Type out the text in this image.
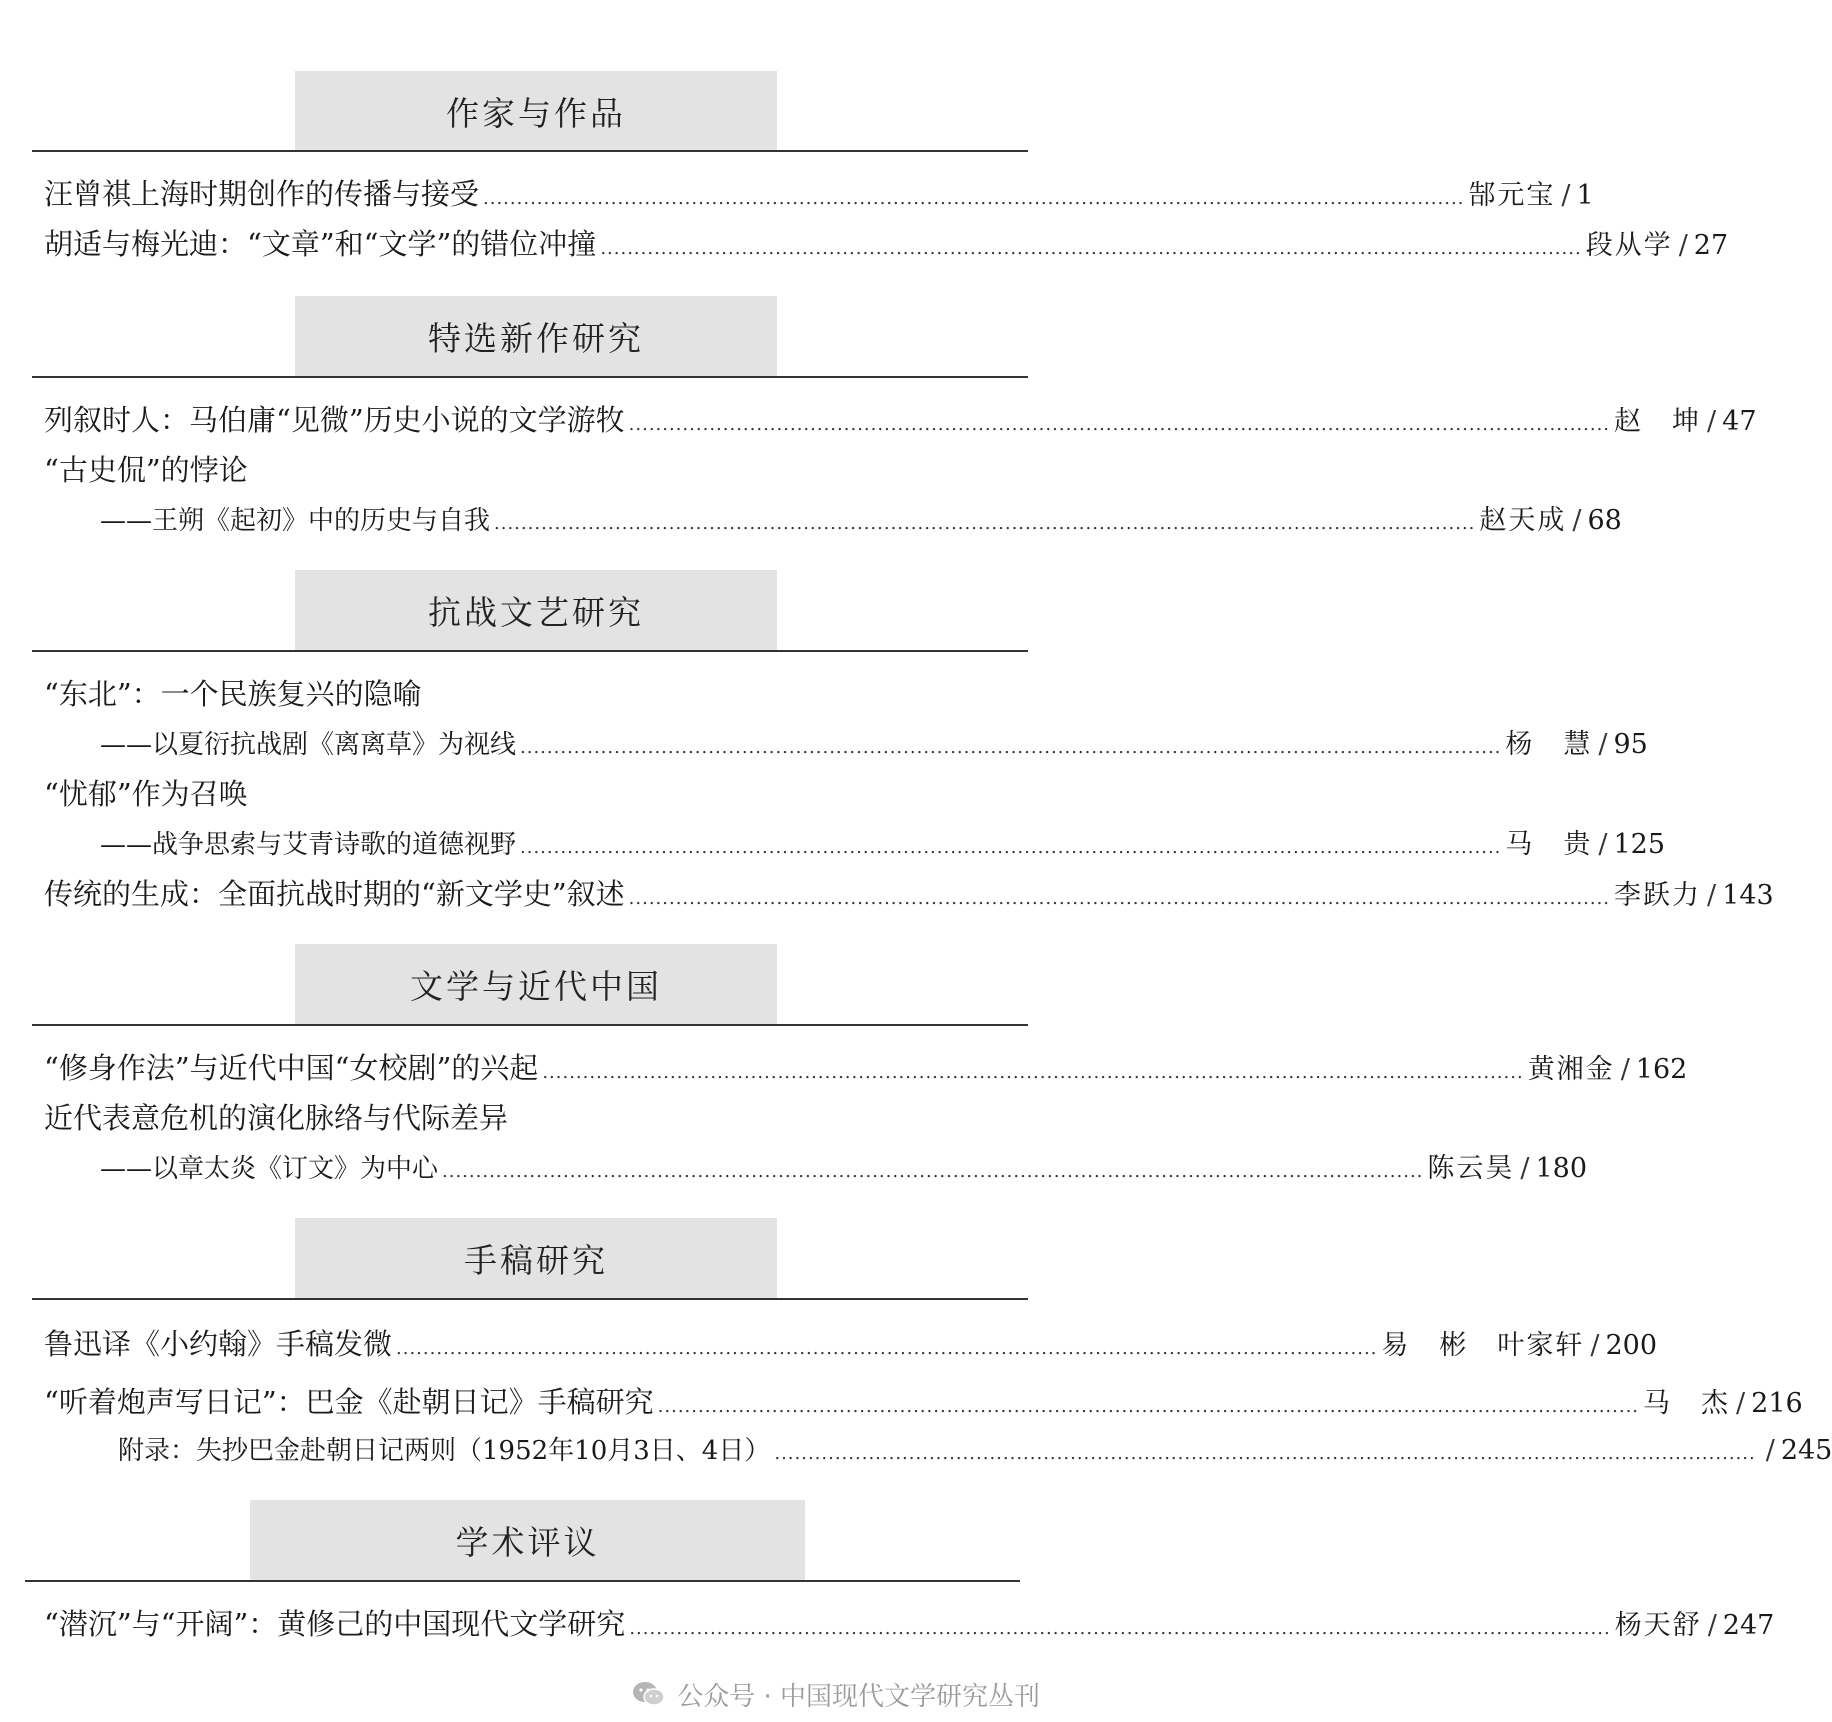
作家与作品
汪曾祺上海时期创作的传播与接受 .................................................................................................................................................. 郜元宝 / 1
胡适与梅光迪：“文章”和“文学”的错位冲撞 .................................................................................................................................................. 段从学 / 27
特选新作研究
列叙时人：马伯庸“见微”历史小说的文学游牧 .................................................................................................................................................. 赵　坤 / 47
“古史侃”的悖论
——王朔《起初》中的历史与自我 .................................................................................................................................................. 赵天成 / 68
抗战文艺研究
“东北”：一个民族复兴的隐喻
——以夏衍抗战剧《离离草》为视线 .................................................................................................................................................. 杨　慧 / 95
“忧郁”作为召唤
——战争思索与艾青诗歌的道德视野 .................................................................................................................................................. 马　贵 / 125
传统的生成：全面抗战时期的“新文学史”叙述 .................................................................................................................................................. 李跃力 / 143
文学与近代中国
“修身作法”与近代中国“女校剧”的兴起 .................................................................................................................................................. 黄湘金 / 162
近代表意危机的演化脉络与代际差异
——以章太炎《订文》为中心 .................................................................................................................................................. 陈云昊 / 180
手稿研究
鲁迅译《小约翰》手稿发微 .................................................................................................................................................. 易　彬　叶家轩 / 200
“听着炮声写日记”：巴金《赴朝日记》手稿研究 .................................................................................................................................................. 马　杰 / 216
附录：失抄巴金赴朝日记两则（1952年10月3日、4日） .................................................................................................................................................. / 245
学术评议
“潜沉”与“开阔”：黄修己的中国现代文学研究 .................................................................................................................................................. 杨天舒 / 247
公众号 · 中国现代文学研究丛刊
